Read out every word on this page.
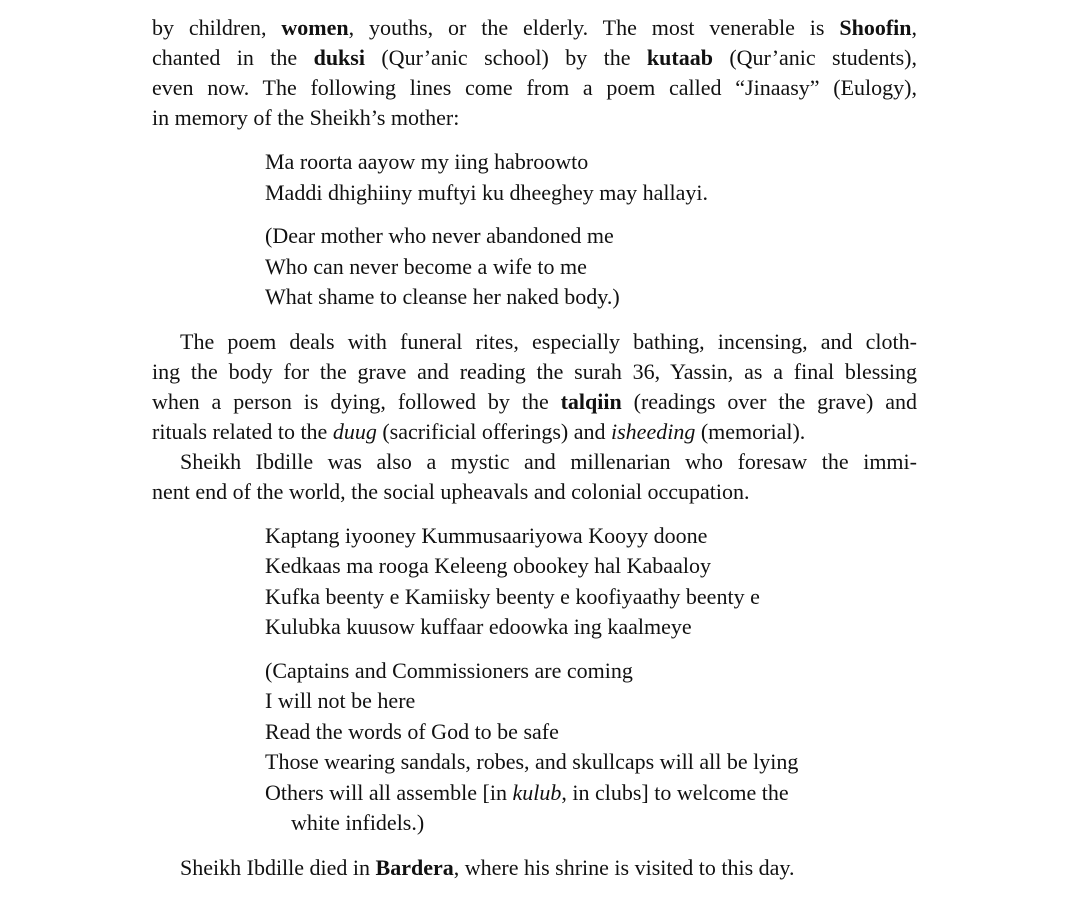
by children, women, youths, or the elderly. The most venerable is Shoofin,
chanted in the duksi (Qur’anic school) by the kutaab (Qur’anic students),
even now. The following lines come from a poem called “Jinaasy” (Eulogy),
in memory of the Sheikh’s mother:

Ma roorta aayow my iing habroowto
Maddi dhighiiny muftyi ku dheeghey may hallayi.
(Dear mother who never abandoned me
Who can never become a wife to me
What shame to cleanse her naked body.)

The poem deals with funeral rites, especially bathing, incensing, and cloth-
ing the body for the grave and reading the surah 36, Yassin, as a final blessing
when a person is dying, followed by the talqiin (readings over the grave) and
rituals related to the duug (sacrificial offerings) and isheeding (memorial).

Sheikh Ibdille was also a mystic and millenarian who foresaw the immi-
nent end of the world, the social upheavals and colonial occupation.

Kaptang iyooney Kummusaariyowa Kooyy doone
Kedkaas ma rooga Keleeng obookey hal Kabaaloy
Kufka beenty e Kamiisky beenty e koofiyaathy beenty e
Kulubka kuusow kuffaar edoowka ing kaalmeye
(Captains and Commissioners are coming
I will not be here
Read the words of God to be safe
Those wearing sandals, robes, and skullcaps will all be lying
Others will all assemble [in kulub, in clubs] to welcome the
white infidels.)

Sheikh Ibdille died in Bardera, where his shrine is visited to this day.
